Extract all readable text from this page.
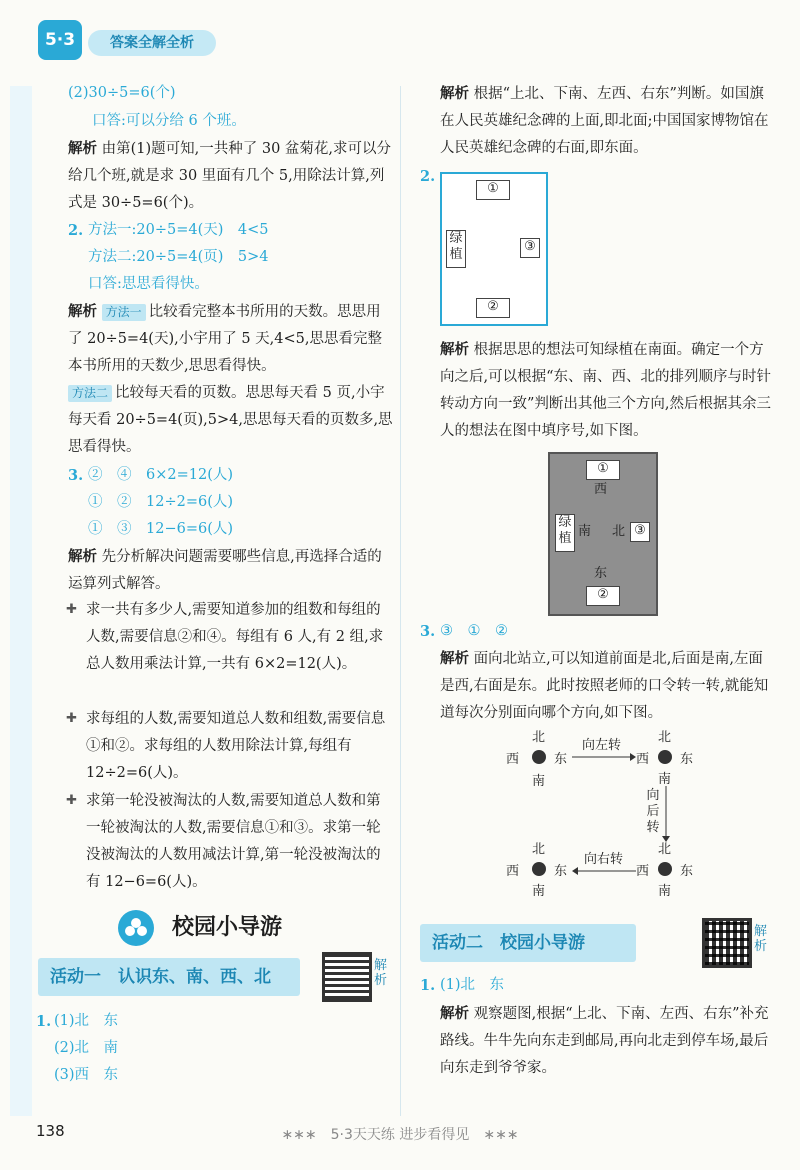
5·3	答案全解全析

(2)30÷5=6(个)

口答:可以分给 6 个班。

解析 由第(1)题可知,一共种了 30 盆菊花,求可以分给几个班,就是求 30 里面有几个 5,用除法计算,列式是 30÷5=6(个)。

2. 方法一:20÷5=4(天)　4<5

方法二:20÷5=4(页)　5>4

口答:思思看得快。

解析 方法一 比较看完整本书所用的天数。思思用了 20÷5=4(天),小宇用了 5 天,4<5,思思看完整本书所用的天数少,思思看得快。

方法二 比较每天看的页数。思思每天看 5 页,小宇每天看 20÷5=4(页),5>4,思思每天看的页数多,思思看得快。

3. ②　④　6×2=12(人)

①　②　12÷2=6(人)

①　③　12−6=6(人)

解析 先分析解决问题需要哪些信息,再选择合适的运算列式解答。

✚ 求一共有多少人,需要知道参加的组数和每组的人数,需要信息②和④。每组有 6 人,有 2 组,求总人数用乘法计算,一共有 6×2=12(人)。

✚ 求每组的人数,需要知道总人数和组数,需要信息①和②。求每组的人数用除法计算,每组有 12÷2=6(人)。

✚ 求第一轮没被淘汰的人数,需要知道总人数和第一轮被淘汰的人数,需要信息①和③。求第一轮没被淘汰的人数用减法计算,第一轮没被淘汰的有 12−6=6(人)。

校园小导游
活动一　认识东、南、西、北
解析

1. (1)北　东

(2)北　南

(3)西　东

解析 根据“上北、下南、左西、右东”判断。如国旗在人民英雄纪念碑的上面,即北面;中国国家博物馆在人民英雄纪念碑的右面,即东面。

2.

①
绿植
③
②

解析 根据思思的想法可知绿植在南面。确定一个方向之后,可以根据“东、南、西、北的排列顺序与时针转动方向一致”判断出其他三个方向,然后根据其余三人的想法在图中填序号,如下图。

①
西
绿植 南 北 ③
东
②

3. ③　①　②

解析 面向北站立,可以知道前面是北,后面是南,左面是西,右面是东。此时按照老师的口令转一转,就能知道每次分别面向哪个方向,如下图。

北
西	东
南
向左转
北
西 东
南
向后转
北
西	东
南
向右转
北
西 东
南
活动二　校园小导游
解析

1. (1)北　东

解析 观察题图,根据“上北、下南、左西、右东”补充路线。牛牛先向东走到邮局,再向北走到停车场,最后向东走到爷爷家。

138	∗∗∗　5·3天天练 进步看得见　∗∗∗
